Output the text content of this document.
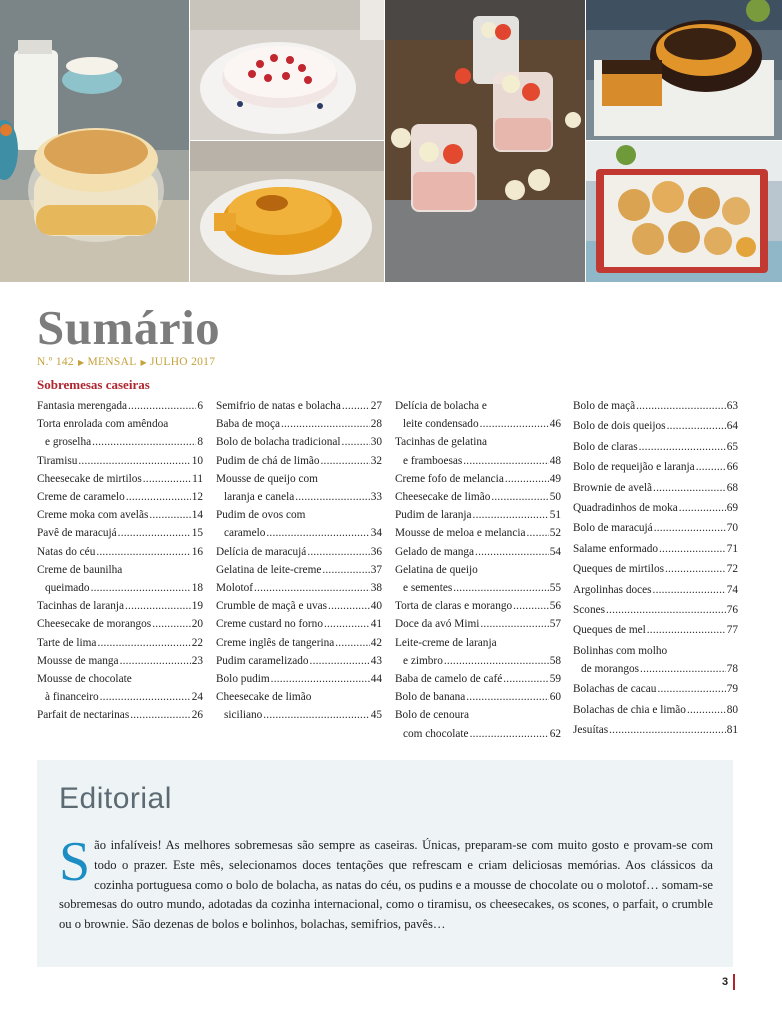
Sumário
N.º 142 ▶ MENSAL ▶ JULHO 2017
Sobremesas caseiras
Fantasia merengada .....	6
Torta enrolada com amêndoa
e groselha .....	8
Tiramisu .....	10
Cheesecake de mirtilos .....	11
Creme de caramelo .....	12
Creme moka com avelãs .....	14
Pavê de maracujá .....	15
Natas do céu .....	16
Creme de baunilha
queimado .....	18
Tacinhas de laranja .....	19
Cheesecake de morangos .....	20
Tarte de lima .....	22
Mousse de manga .....	23
Mousse de chocolate
à financeiro .....	24
Parfait de nectarinas .....	26
Semifrio de natas e bolacha .....	27
Baba de moça .....	28
Bolo de bolacha tradicional .....	30
Pudim de chá de limão .....	32
Mousse de queijo com
laranja e canela .....	33
Pudim de ovos com
caramelo .....	34
Delícia de maracujá .....	36
Gelatina de leite-creme .....	37
Molotof .....	38
Crumble de maçã e uvas .....	40
Creme custard no forno .....	41
Creme inglês de tangerina .....	42
Pudim caramelizado .....	43
Bolo pudim .....	44
Cheesecake de limão
siciliano .....	45
Delícia de bolacha e
leite condensado .....	46
Tacinhas de gelatina
e framboesas .....	48
Creme fofo de melancia .....	49
Cheesecake de limão .....	50
Pudim de laranja .....	51
Mousse de meloa e melancia ..... 52
Gelado de manga .....	54
Gelatina de queijo
e sementes .....	55
Torta de claras e morango .....	56
Doce da avó Mimi .....	57
Leite-creme de laranja
e zimbro .....	58
Baba de camelo de café .....	59
Bolo de banana .....	60
Bolo de cenoura
com chocolate .....	62
Bolo de maçã .....	63
Bolo de dois queijos .....	64
Bolo de claras .....	65
Bolo de requeijão e laranja .....	66
Brownie de avelã .....	68
Quadradinhos de moka .....	69
Bolo de maracujá .....	70
Salame enformado .....	71
Queques de mirtilos .....	72
Argolinhas doces .....	74
Scones .....	76
Queques de mel .....	77
Bolinhas com molho
de morangos .....	78
Bolachas de cacau .....	79
Bolachas de chia e limão .....	80
Jesuítas .....	81
Editorial
São infalíveis! As melhores sobremesas são sempre as caseiras. Únicas, preparam-se com muito gosto e provam-se com todo o prazer. Este mês, selecionamos doces tentações que refrescam e criam deliciosas memórias. Aos clássicos da cozinha portuguesa como o bolo de bolacha, as natas do céu, os pudins e a mousse de chocolate ou o molotof… somam-se sobremesas do outro mundo, adotadas da cozinha internacional, como o tiramisu, os cheesecakes, os scones, o parfait, o crumble ou o brownie. São dezenas de bolos e bolinhos, bolachas, semifrios, pavês…
3
